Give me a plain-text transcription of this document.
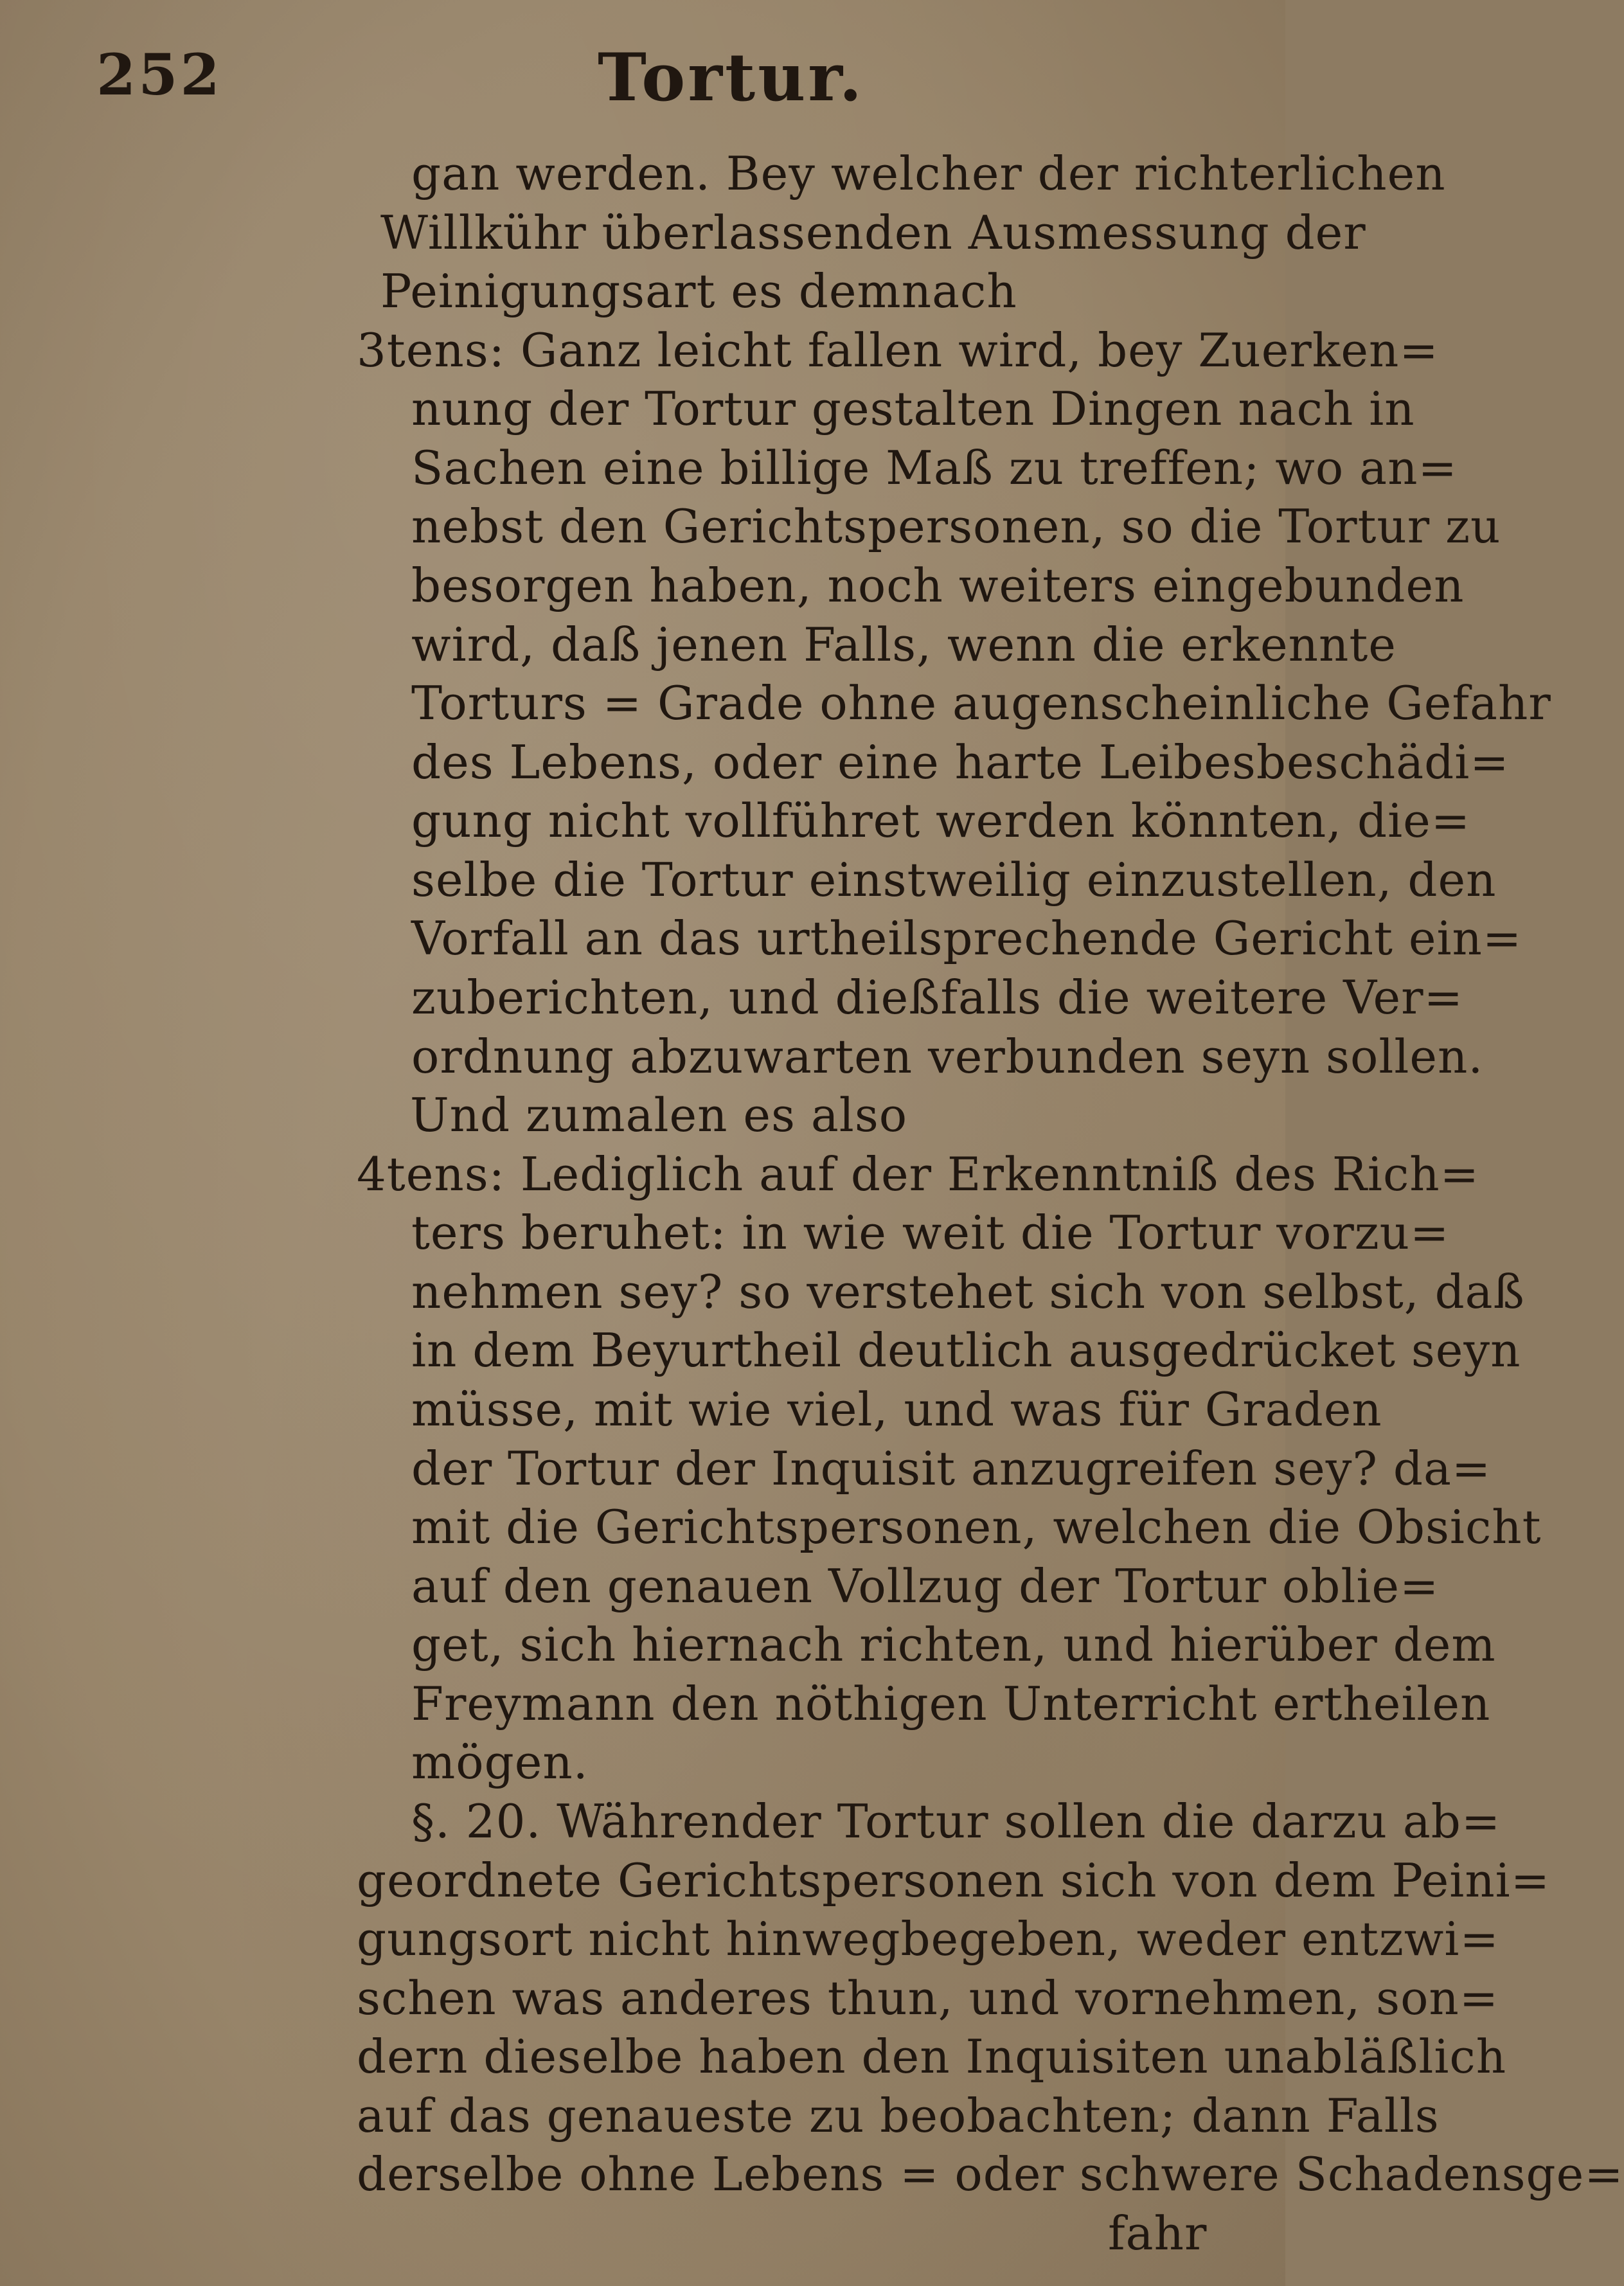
252	Tortur.
gan werden. Bey welcher der richterlichen
Willkühr überlassenden Ausmessung der
Peinigungsart es demnach
3tens: Ganz leicht fallen wird, bey Zuerken=
nung der Tortur gestalten Dingen nach in
Sachen eine billige Maß zu treffen; wo an=
nebst den Gerichtspersonen, so die Tortur zu
besorgen haben, noch weiters eingebunden
wird, daß jenen Falls, wenn die erkennte
Torturs = Grade ohne augenscheinliche Gefahr
des Lebens, oder eine harte Leibesbeschädi=
gung nicht vollführet werden könnten, die=
selbe die Tortur einstweilig einzustellen, den
Vorfall an das urtheilsprechende Gericht ein=
zuberichten, und dießfalls die weitere Ver=
ordnung abzuwarten verbunden seyn sollen.
Und zumalen es also
4tens: Lediglich auf der Erkenntniß des Rich=
ters beruhet: in wie weit die Tortur vorzu=
nehmen sey? so verstehet sich von selbst, daß
in dem Beyurtheil deutlich ausgedrücket seyn
müsse, mit wie viel, und was für Graden
der Tortur der Inquisit anzugreifen sey? da=
mit die Gerichtspersonen, welchen die Obsicht
auf den genauen Vollzug der Tortur oblie=
get, sich hiernach richten, und hierüber dem
Freymann den nöthigen Unterricht ertheilen
mögen.
§. 20. Währender Tortur sollen die darzu ab=
geordnete Gerichtspersonen sich von dem Peini=
gungsort nicht hinwegbegeben, weder entzwi=
schen was anderes thun, und vornehmen, son=
dern dieselbe haben den Inquisiten unabläßlich
auf das genaueste zu beobachten; dann Falls
derselbe ohne Lebens = oder schwere Schadensge=
fahr
